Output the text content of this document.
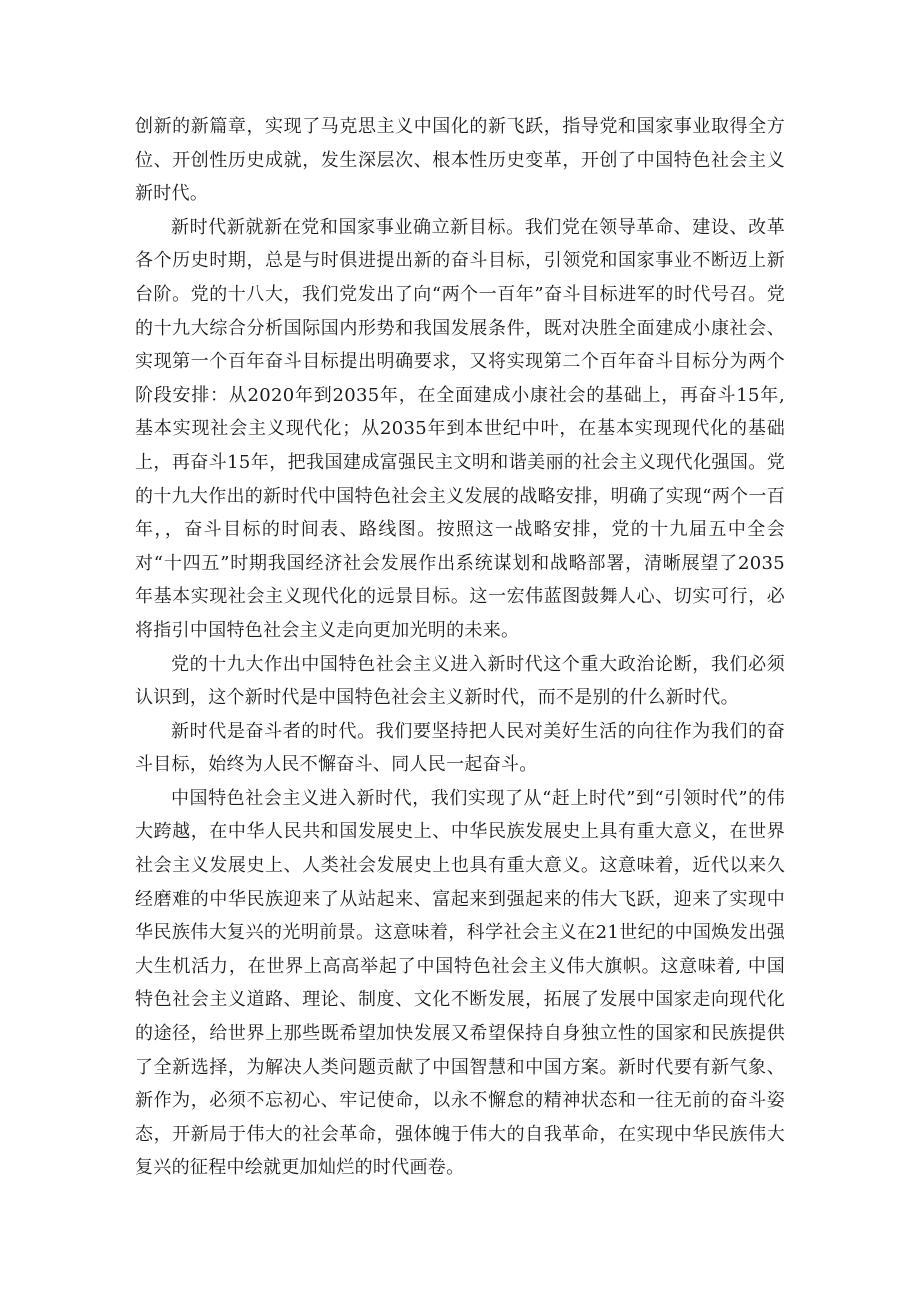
创新的新篇章，实现了马克思主义中国化的新飞跃，指导党和国家事业取得全方位、开创性历史成就，发生深层次、根本性历史变革，开创了中国特色社会主义新时代。

新时代新就新在党和国家事业确立新目标。我们党在领导革命、建设、改革各个历史时期，总是与时俱进提出新的奋斗目标，引领党和国家事业不断迈上新台阶。党的十八大，我们党发出了向“两个一百年”奋斗目标进军的时代号召。党的十九大综合分析国际国内形势和我国发展条件，既对决胜全面建成小康社会、实现第一个百年奋斗目标提出明确要求，又将实现第二个百年奋斗目标分为两个阶段安排：从2020年到2035年，在全面建成小康社会的基础上，再奋斗15年, 基本实现社会主义现代化；从2035年到本世纪中叶，在基本实现现代化的基础上，再奋斗15年，把我国建成富强民主文明和谐美丽的社会主义现代化强国。党的十九大作出的新时代中国特色社会主义发展的战略安排，明确了实现“两个一百年，，奋斗目标的时间表、路线图。按照这一战略安排，党的十九届五中全会对“十四五”时期我国经济社会发展作出系统谋划和战略部署，清晰展望了2035年基本实现社会主义现代化的远景目标。这一宏伟蓝图鼓舞人心、切实可行，必将指引中国特色社会主义走向更加光明的未来。

党的十九大作出中国特色社会主义进入新时代这个重大政治论断，我们必须认识到，这个新时代是中国特色社会主义新时代，而不是别的什么新时代。

新时代是奋斗者的时代。我们要坚持把人民对美好生活的向往作为我们的奋斗目标，始终为人民不懈奋斗、同人民一起奋斗。

中国特色社会主义进入新时代，我们实现了从“赶上时代”到“引领时代”的伟大跨越，在中华人民共和国发展史上、中华民族发展史上具有重大意义，在世界社会主义发展史上、人类社会发展史上也具有重大意义。这意味着，近代以来久经磨难的中华民族迎来了从站起来、富起来到强起来的伟大飞跃，迎来了实现中华民族伟大复兴的光明前景。这意味着，科学社会主义在21世纪的中国焕发出强大生机活力，在世界上高高举起了中国特色社会主义伟大旗帜。这意味着, 中国特色社会主义道路、理论、制度、文化不断发展，拓展了发展中国家走向现代化的途径，给世界上那些既希望加快发展又希望保持自身独立性的国家和民族提供了全新选择，为解决人类问题贡献了中国智慧和中国方案。新时代要有新气象、新作为，必须不忘初心、牢记使命，以永不懈怠的精神状态和一往无前的奋斗姿态，开新局于伟大的社会革命，强体魄于伟大的自我革命，在实现中华民族伟大复兴的征程中绘就更加灿烂的时代画卷。
